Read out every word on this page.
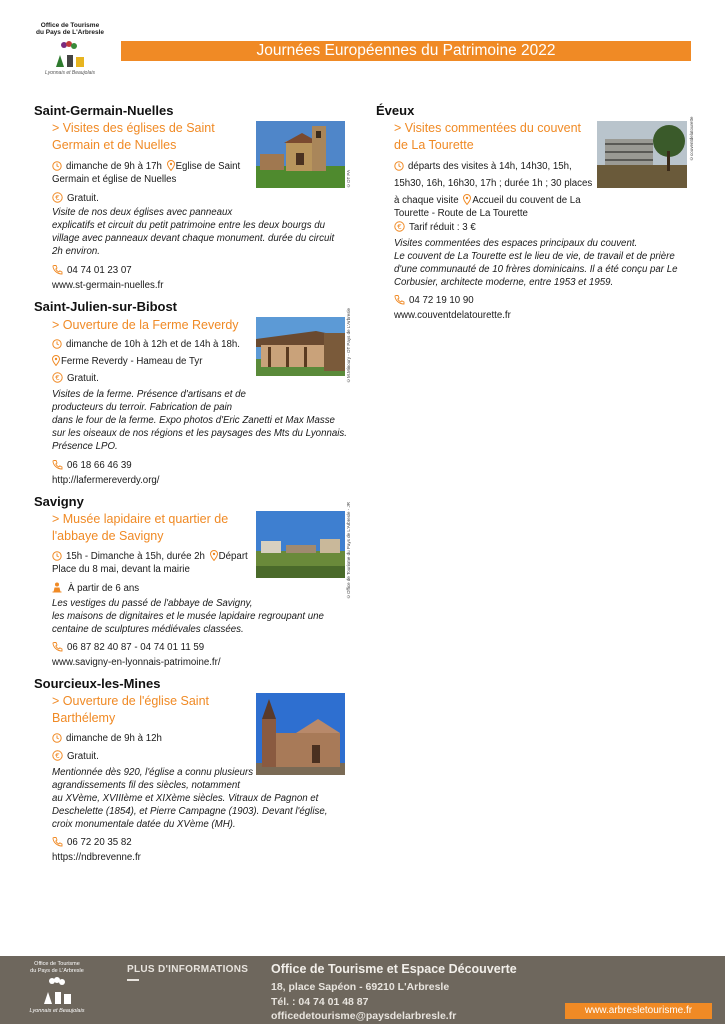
Office de Tourisme
du Pays de L'Arbresle
Lyonnais et Beaujolais
Journées Européennes du Patrimoine 2022
Saint-Germain-Nuelles
> Visites des églises de Saint
Germain et de Nuelles
dimanche de 9h à 17h Eglise de Saint
Germain et église de Nuelles
€ Gratuit.
Visite de nos deux églises avec panneaux
explicatifs et circuit du petit patrimoine entre les deux bourgs du
village avec panneaux devant chaque monument. durée du circuit
2h environ.
04 74 01 23 07
www.st-germain-nuelles.fr
©OT PA
Saint-Julien-sur-Bibost
> Ouverture de la Ferme Reverdy
dimanche de 10h à 12h et de 14h à 18h.
Ferme Reverdy - Hameau de Tyr
€ Gratuit.
Visites de la ferme. Présence d'artisans et de
producteurs du terroir. Fabrication de pain
dans le four de la ferme. Expo photos d'Eric Zanetti et Max Masse
sur les oiseaux de nos régions et les paysages des Mts du Lyonnais.
Présence LPO.
06 18 66 46 39
http://lafermereverdy.org/
©M.Minoury - OT Pays de L'Arbresle
Savigny
> Musée lapidaire et quartier de
l'abbaye de Savigny
15h - Dimanche à 15h, durée 2h Départ
Place du 8 mai, devant la mairie
À partir de 6 ans
Les vestiges du passé de l'abbaye de Savigny,
les maisons de dignitaires et le musée lapidaire regroupant une
centaine de sculptures médiévales classées.
06 87 82 40 87 - 04 74 01 11 59
www.savigny-en-lyonnais-patrimoine.fr/
©Office de Tourisme du Pays de L'Arbresle - JR
Sourcieux-les-Mines
> Ouverture de l'église Saint
Barthélemy
dimanche de 9h à 12h
€ Gratuit.
Mentionnée dès 920, l'église a connu plusieurs
agrandissements fil des siècles, notamment
au XVème, XVIIIème et XIXème siècles. Vitraux de Pagnon et
Deschelette (1854), et Pierre Campagne (1903). Devant l'église,
croix monumentale datée du XVème (MH).
06 72 20 35 82
https://ndbrevenne.fr
Éveux
> Visites commentées du couvent
de La Tourette
départs des visites à 14h, 14h30, 15h,

15h30, 16h, 16h30, 17h ; durée 1h ; 30 places
à chaque visite Accueil du couvent de La
Tourette - Route de La Tourette
€ Tarif réduit : 3 €
Visites commentées des espaces principaux du couvent.
Le couvent de La Tourette est le lieu de vie, de travail et de prière
d'une communauté de 10 frères dominicains. Il a été conçu par Le
Corbusier, architecte moderne, entre 1953 et 1959.
04 72 19 10 90
www.couventdelatourette.fr
©couventdelatourette
Office de Tourisme
du Pays de L'Arbresle
Lyonnais et Beaujolais
PLUS D'INFORMATIONS Office de Tourisme et Espace Découverte
18, place Sapéon - 69210 L'Arbresle
Tél. : 04 74 01 48 87
officedetourisme@paysdelarbresle.fr	www.arbresletourisme.fr
